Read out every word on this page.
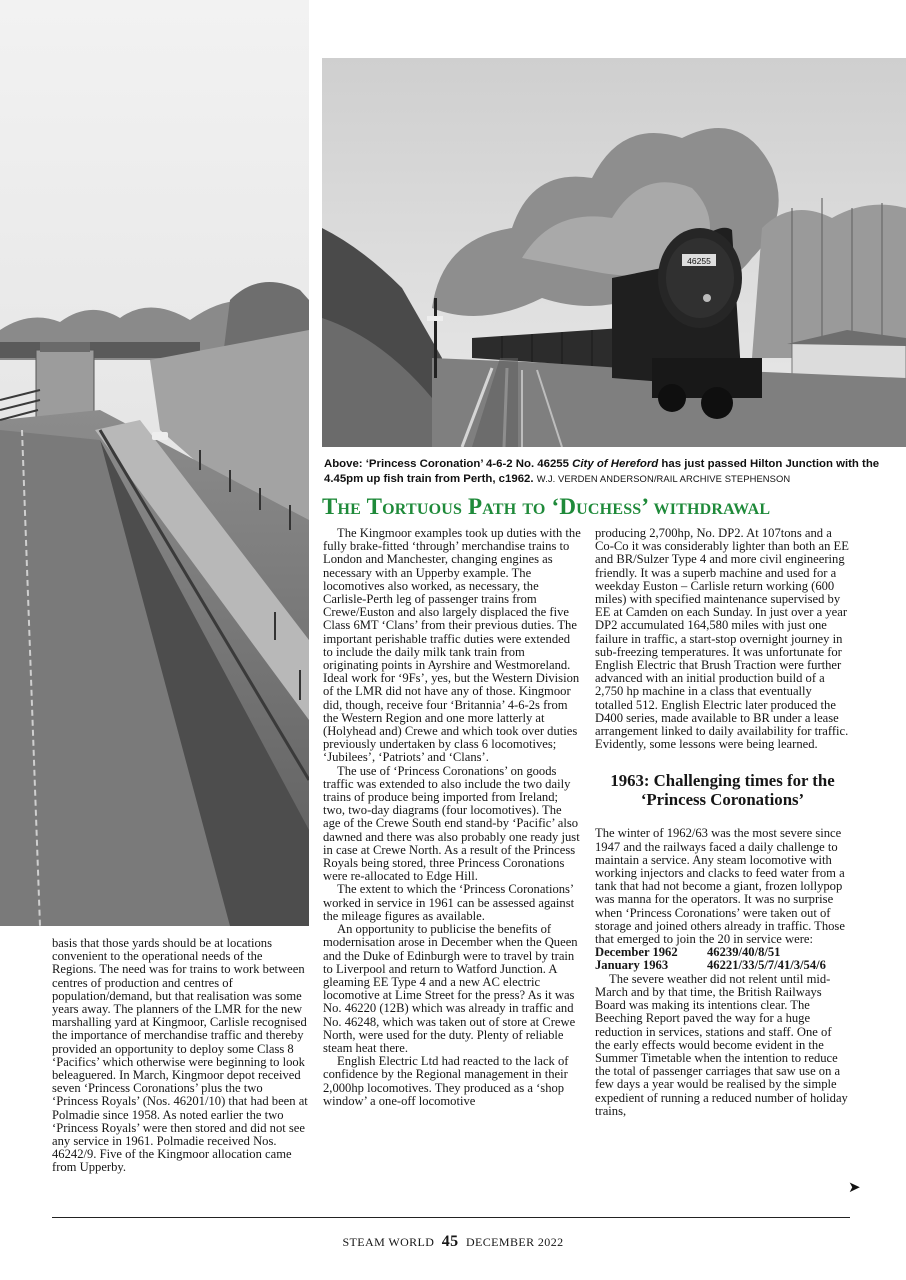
46255
Above: ‘Princess Coronation’ 4-6-2 No. 46255 City of Hereford has just passed Hilton Junction with the 4.45pm up fish train from Perth, c1962. W.J. VERDEN ANDERSON/RAIL ARCHIVE STEPHENSON
The Tortuous Path to ‘Duchess’ withdrawal

basis that those yards should be at locations convenient to the operational needs of the Regions. The need was for trains to work between centres of production and centres of population/demand, but that realisation was some years away. The planners of the LMR for the new marshalling yard at Kingmoor, Carlisle recognised the importance of merchandise traffic and thereby provided an opportunity to deploy some Class 8 ‘Pacifics’ which otherwise were beginning to look beleaguered. In March, Kingmoor depot received seven ‘Princess Coronations’ plus the two ‘Princess Royals’ (Nos. 46201/10) that had been at Polmadie since 1958. As noted earlier the two ‘Princess Royals’ were then stored and did not see any service in 1961. Polmadie received Nos. 46242/9. Five of the Kingmoor allocation came from Upperby.

The Kingmoor examples took up duties with the fully brake-fitted ‘through’ merchandise trains to London and Manchester, changing engines as necessary with an Upperby example. The locomotives also worked, as necessary, the Carlisle-Perth leg of passenger trains from Crewe/Euston and also largely displaced the five Class 6MT ‘Clans’ from their previous duties. The important perishable traffic duties were extended to include the daily milk tank train from originating points in Ayrshire and Westmoreland. Ideal work for ‘9Fs’, yes, but the Western Division of the LMR did not have any of those. Kingmoor did, though, receive four ‘Britannia’ 4-6-2s from the Western Region and one more latterly at (Holyhead and) Crewe and which took over duties previously undertaken by class 6 locomotives; ‘Jubilees’, ‘Patriots’ and ‘Clans’.

The use of ‘Princess Coronations’ on goods traffic was extended to also include the two daily trains of produce being imported from Ireland; two, two-day diagrams (four locomotives). The age of the Crewe South end stand-by ‘Pacific’ also dawned and there was also probably one ready just in case at Crewe North. As a result of the Princess Royals being stored, three Princess Coronations were re-allocated to Edge Hill.

The extent to which the ‘Princess Coronations’ worked in service in 1961 can be assessed against the mileage figures as available.

An opportunity to publicise the benefits of modernisation arose in December when the Queen and the Duke of Edinburgh were to travel by train to Liverpool and return to Watford Junction. A gleaming EE Type 4 and a new AC electric locomotive at Lime Street for the press? As it was No. 46220 (12B) which was already in traffic and No. 46248, which was taken out of store at Crewe North, were used for the duty. Plenty of reliable steam heat there.

English Electric Ltd had reacted to the lack of confidence by the Regional management in their 2,000hp locomotives. They produced as a ‘shop window’ a one-off locomotive

producing 2,700hp, No. DP2. At 107tons and a Co-Co it was considerably lighter than both an EE and BR/Sulzer Type 4 and more civil engineering friendly. It was a superb machine and used for a weekday Euston – Carlisle return working (600 miles) with specified maintenance supervised by EE at Camden on each Sunday. In just over a year DP2 accumulated 164,580 miles with just one failure in traffic, a start-stop overnight journey in sub-freezing temperatures. It was unfortunate for English Electric that Brush Traction were further advanced with an initial production build of a 2,750 hp machine in a class that eventually totalled 512. English Electric later produced the D400 series, made available to BR under a lease arrangement linked to daily availability for traffic. Evidently, some lessons were being learned.

1963: Challenging times for the ‘Princess Coronations’

The winter of 1962/63 was the most severe since 1947 and the railways faced a daily challenge to maintain a service. Any steam locomotive with working injectors and clacks to feed water from a tank that had not become a giant, frozen lollypop was manna for the operators. It was no surprise when ‘Princess Coronations’ were taken out of storage and joined others already in traffic. Those that emerged to join the 20 in service were:

December 1962	46239/40/8/51
January 1963	46221/33/5/7/41/3/54/6

The severe weather did not relent until mid-March and by that time, the British Railways Board was making its intentions clear. The Beeching Report paved the way for a huge reduction in services, stations and staff. One of the early effects would become evident in the Summer Timetable when the intention to reduce the total of passenger carriages that saw use on a few days a year would be realised by the simple expedient of running a reduced number of holiday trains,

➤
STEAM WORLD 45 DECEMBER 2022
